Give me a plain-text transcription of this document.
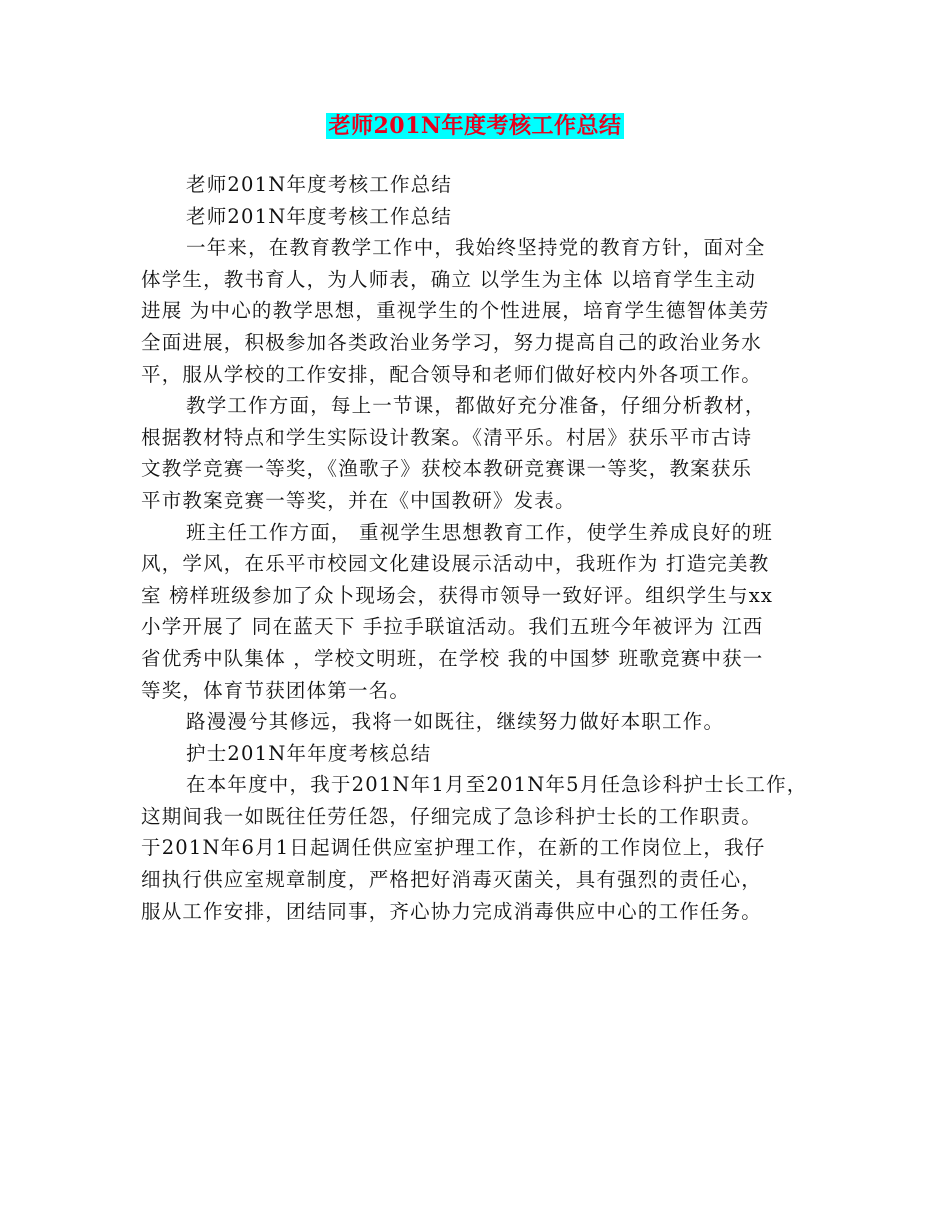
老师201N年度考核工作总结
老师201N年度考核工作总结
老师201N年度考核工作总结
一年来，在教育教学工作中，我始终坚持党的教育方针，面对全
体学生，教书育人，为人师表，确立 以学生为主体 以培育学生主动
进展 为中心的教学思想，重视学生的个性进展，培育学生德智体美劳
全面进展，积极参加各类政治业务学习，努力提高自己的政治业务水
平，服从学校的工作安排，配合领导和老师们做好校内外各项工作。
教学工作方面，每上一节课，都做好充分准备，仔细分析教材，
根据教材特点和学生实际设计教案。《清平乐。村居》获乐平市古诗
文教学竞赛一等奖，《渔歌子》获校本教研竞赛课一等奖，教案获乐
平市教案竞赛一等奖，并在《中国教研》发表。
班主任工作方面， 重视学生思想教育工作，使学生养成良好的班
风，学风，在乐平市校园文化建设展示活动中，我班作为 打造完美教
室 榜样班级参加了众卜现场会，获得市领导一致好评。组织学生与xx
小学开展了 同在蓝天下 手拉手联谊活动。我们五班今年被评为 江西
省优秀中队集体 ，学校文明班，在学校 我的中国梦 班歌竞赛中获一
等奖，体育节获团体第一名。
路漫漫兮其修远，我将一如既往，继续努力做好本职工作。
护士201N年年度考核总结
在本年度中，我于201N年1月至201N年5月任急诊科护士长工作，
这期间我一如既往任劳任怨，仔细完成了急诊科护士长的工作职责。
于201N年6月1日起调任供应室护理工作，在新的工作岗位上，我仔
细执行供应室规章制度，严格把好消毒灭菌关，具有强烈的责任心，
服从工作安排，团结同事，齐心协力完成消毒供应中心的工作任务。
